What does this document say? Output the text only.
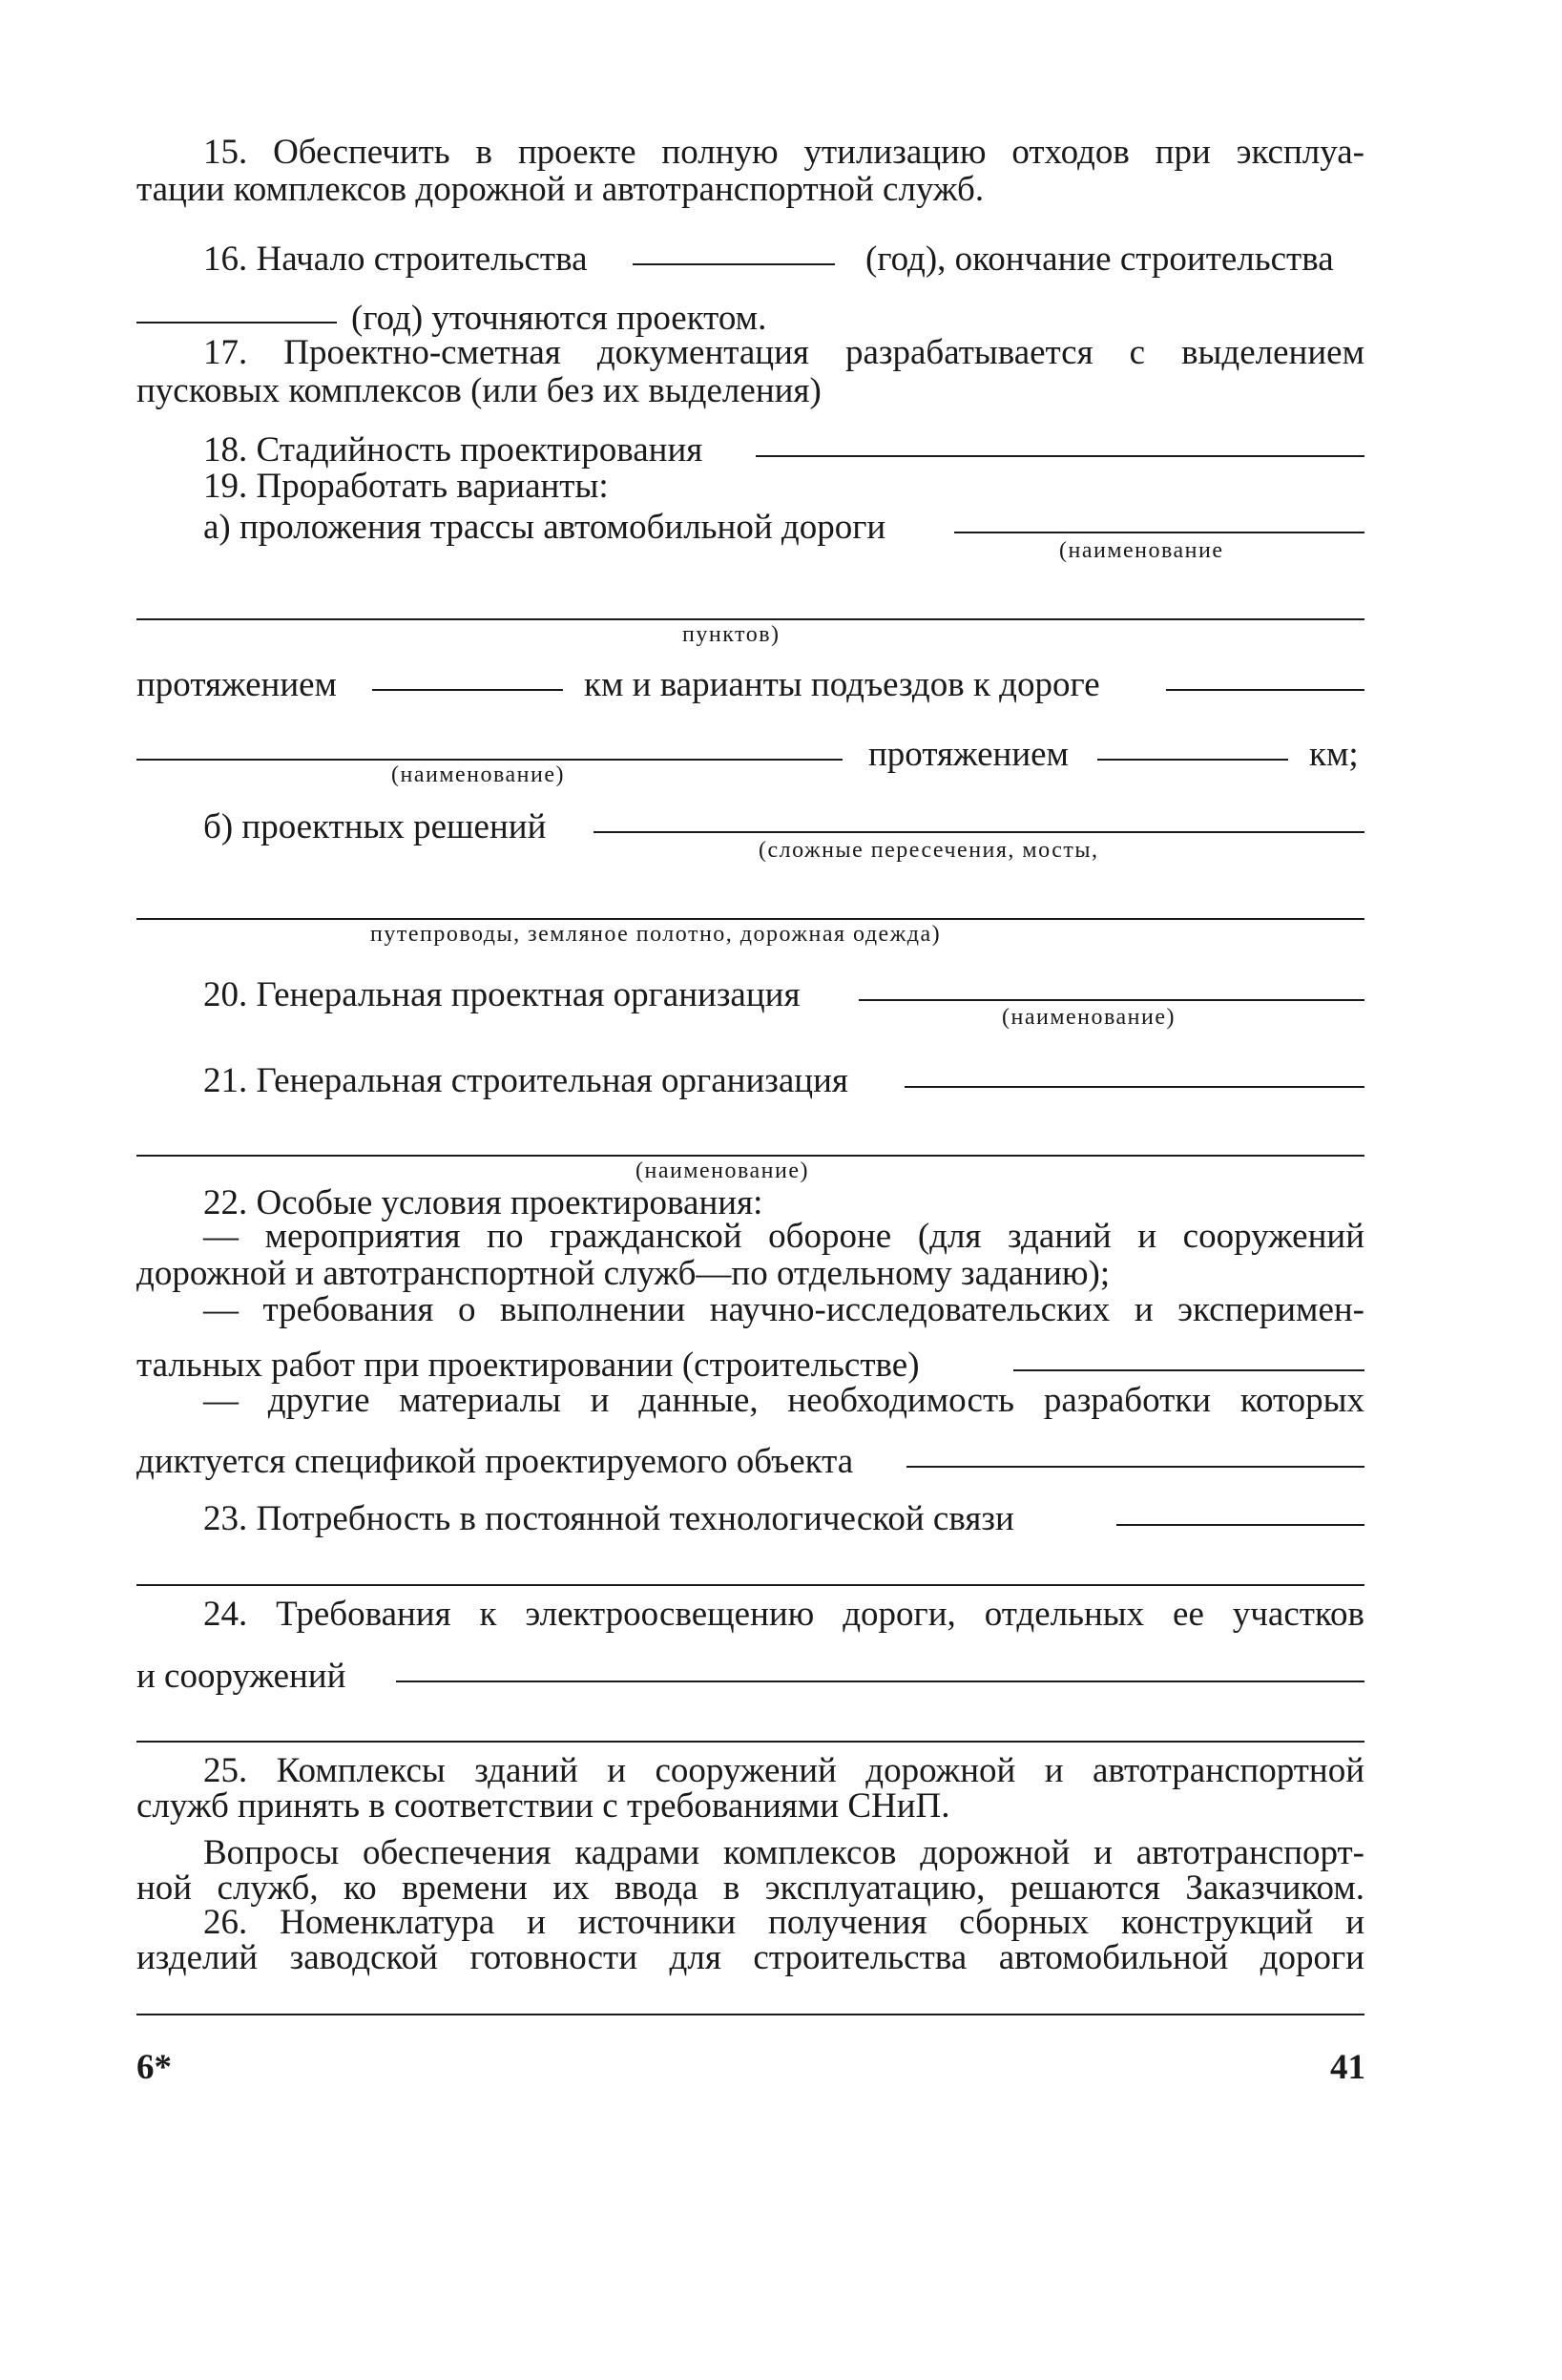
15. Обеспечить в проекте полную утилизацию отходов при эксплуа-
тации комплексов дорожной и автотранспортной служб.
16. Начало строительства	(год), окончание строительства
(год) уточняются проектом.
17. Проектно-сметная документация разрабатывается с выделением
пусковых комплексов (или без их выделения)
18. Стадийность проектирования
19. Проработать варианты:
а) проложения трассы автомобильной дороги
(наименование
пунктов)
протяжением	км и варианты подъездов к дороге
(наименование)
протяжением	км;
б) проектных решений
(сложные пересечения, мосты,
путепроводы, земляное полотно, дорожная одежда)
20. Генеральная проектная организация
(наименование)
21. Генеральная строительная организация
(наименование)
22. Особые условия проектирования:
— мероприятия по гражданской обороне (для зданий и сооружений
дорожной и автотранспортной служб—по отдельному заданию);
— требования о выполнении научно-исследовательских и эксперимен-
тальных работ при проектировании (строительстве)
— другие материалы и данные, необходимость разработки которых
диктуется спецификой проектируемого объекта
23. Потребность в постоянной технологической связи
24. Требования к электроосвещению дороги, отдельных ее участков
и сооружений
25. Комплексы зданий и сооружений дорожной и автотранспортной
служб принять в соответствии с требованиями СНиП.
Вопросы обеспечения кадрами комплексов дорожной и автотранспорт-
ной служб, ко времени их ввода в эксплуатацию, решаются Заказчиком.
26. Номенклатура и источники получения сборных конструкций и
изделий заводской готовности для строительства автомобильной дороги
6*	41
